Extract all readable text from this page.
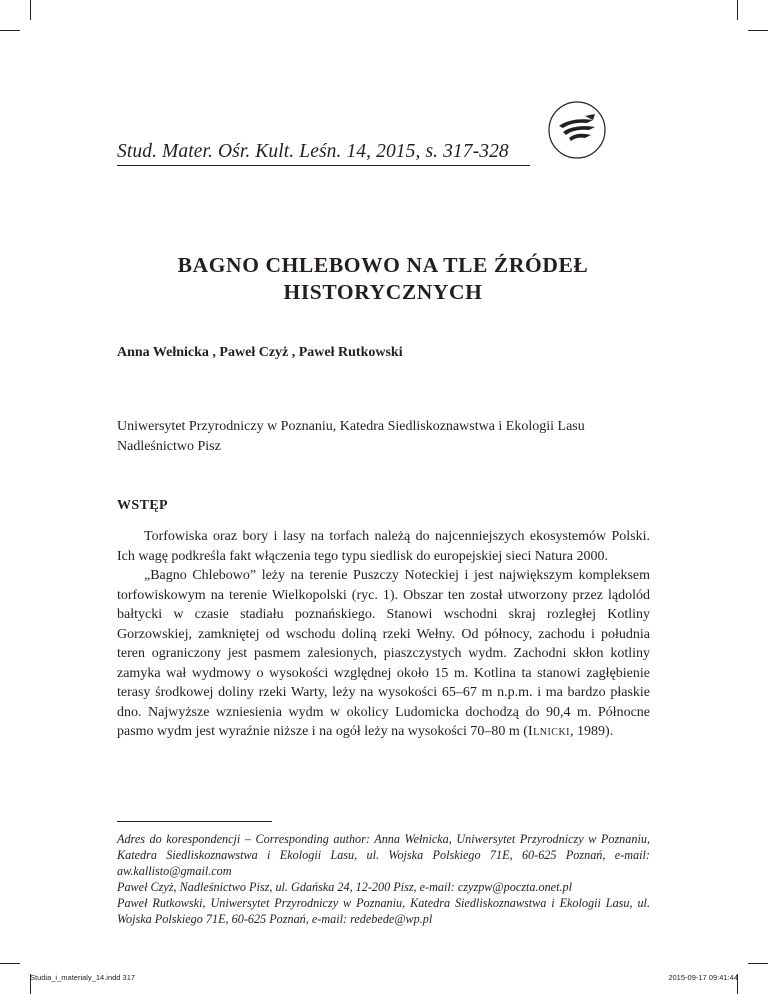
Stud. Mater. Ośr. Kult. Leśn. 14, 2015, s. 317-328
BAGNO CHLEBOWO NA TLE ŹRÓDEŁ
HISTORYCZNYCH
Anna Wełnicka , Paweł Czyż , Paweł Rutkowski
Uniwersytet Przyrodniczy w Poznaniu, Katedra Siedliskoznawstwa i Ekologii Lasu
Nadleśnictwo Pisz
WSTĘP

Torfowiska oraz bory i lasy na torfach należą do najcenniejszych ekosystemów Polski. Ich wagę podkreśla fakt włączenia tego typu siedlisk do europejskiej sieci Natura 2000.

„Bagno Chlebowo” leży na terenie Puszczy Noteckiej i jest największym kompleksem torfowiskowym na terenie Wielkopolski (ryc. 1). Obszar ten został utworzony przez lądolód bałtycki w czasie stadiału poznańskiego. Stanowi wschodni skraj rozległej Kotliny Gorzowskiej, zamkniętej od wschodu doliną rzeki Wełny. Od północy, zachodu i południa teren ograniczony jest pasmem zalesionych, piaszczystych wydm. Zachodni skłon kotliny zamyka wał wydmowy o wysokości względnej około 15 m. Kotlina ta stanowi zagłębienie terasy środkowej doliny rzeki Warty, leży na wysokości 65–67 m n.p.m. i ma bardzo płaskie dno. Najwyższe wzniesienia wydm w okolicy Ludomicka dochodzą do 90,4 m. Północne pasmo wydm jest wyraźnie niższe i na ogół leży na wysokości 70–80 m (Ilnicki, 1989).

Adres do korespondencji – Corresponding author: Anna Wełnicka, Uniwersytet Przyrodniczy w Poznaniu, Katedra Siedliskoznawstwa i Ekologii Lasu, ul. Wojska Polskiego 71E, 60-625 Poznań, e-mail: aw.kallisto@gmail.com
Paweł Czyż, Nadleśnictwo Pisz, ul. Gdańska 24, 12-200 Pisz, e-mail: czyzpw@poczta.onet.pl
Paweł Rutkowski, Uniwersytet Przyrodniczy w Poznaniu, Katedra Siedliskoznawstwa i Ekologii Lasu, ul. Wojska Polskiego 71E, 60-625 Poznań, e-mail: redebede@wp.pl
Studia_i_materialy_14.indd 317	2015-09-17 09:41:44
